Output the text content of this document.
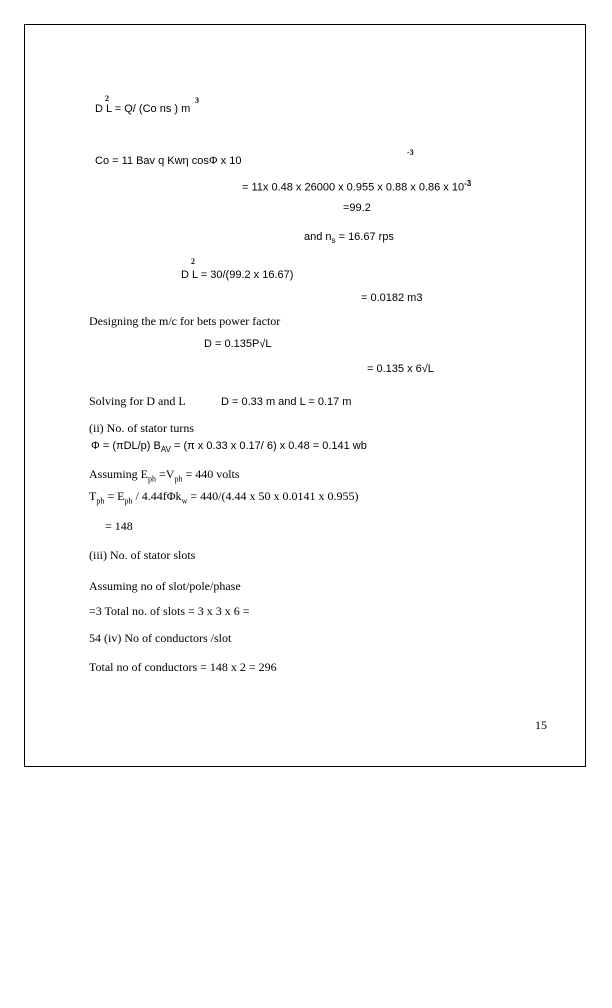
2
D L = Q/ (Co ns ) m
3
Co = 11 Bav q Kwη cosΦ x 10
-3
= 11x 0.48 x 26000 x 0.955 x 0.88 x 0.86 x $10^{-3}$
=99.2
and $n_s = 16.67$ rps
2
D L = 30/(99.2 x 16.67)
= 0.0182 m3
Designing the m/c for bets power factor
D = 0.135P√L
= 0.135 x 6√L
Solving for D and L	D = 0.33 m and L = 0.17 m
(ii) No. of stator turns
Φ = (πDL/p) $B_{AV} = (\pi$ x 0.33 x 0.17/ 6) x 0.48 = 0.141 wb
Assuming $E_{ph} =V_{ph} = 440$ volts
$T_{ph} = E_{ph} / 4.44f\Phi k_w = 440/(4.44$ x 50 x 0.0141 x 0.955)
= 148
(iii) No. of stator slots
Assuming no of slot/pole/phase
=3 Total no. of slots = 3 x 3 x 6 =
54 (iv) No of conductors /slot
Total no of conductors = 148 x 2 = 296
15
